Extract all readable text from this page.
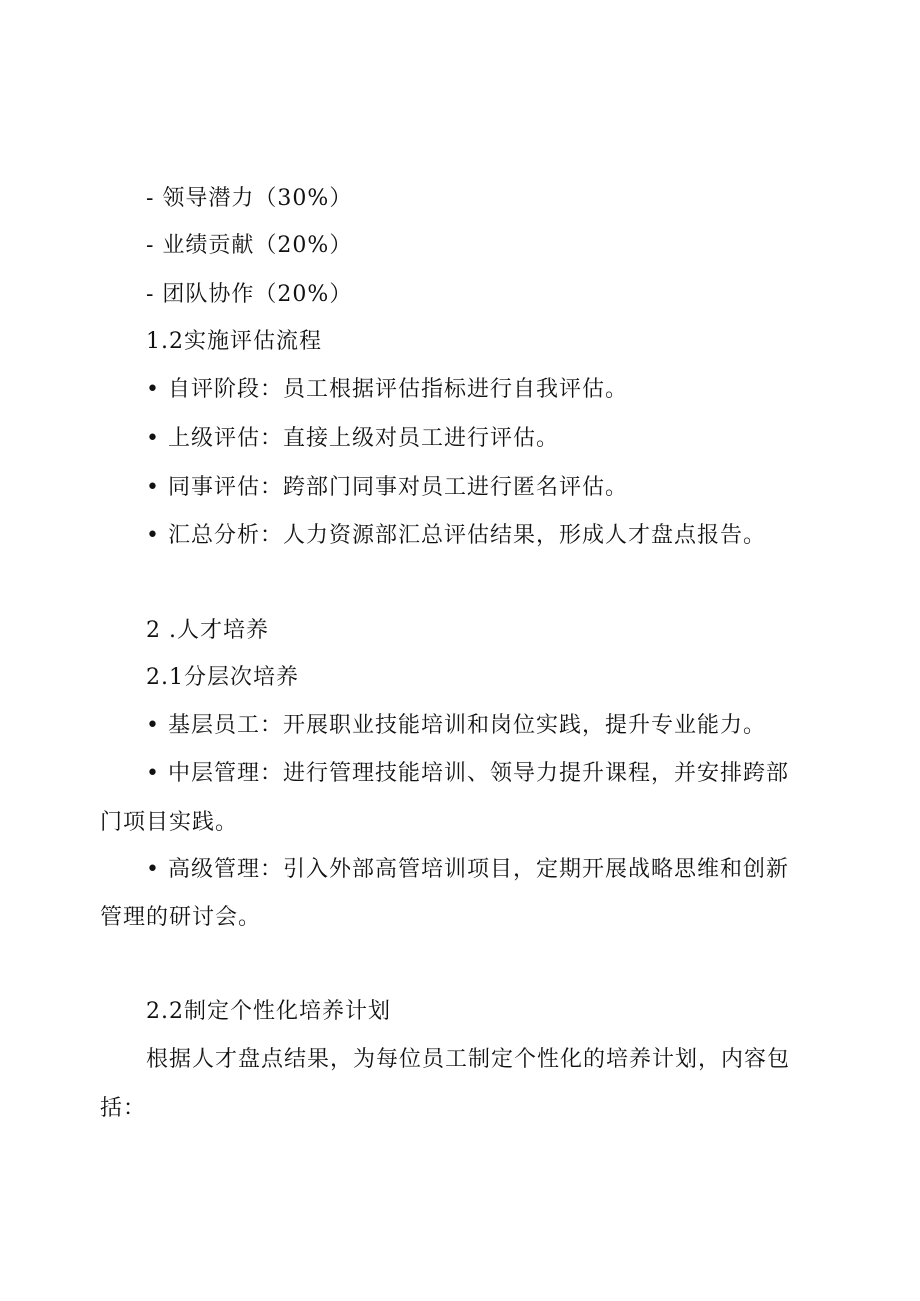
- 领导潜力（30%）
- 业绩贡献（20%）
- 团队协作（20%）
1.2实施评估流程
• 自评阶段：员工根据评估指标进行自我评估。
• 上级评估：直接上级对员工进行评估。
• 同事评估：跨部门同事对员工进行匿名评估。
• 汇总分析：人力资源部汇总评估结果，形成人才盘点报告。
2 .人才培养
2.1分层次培养
• 基层员工：开展职业技能培训和岗位实践，提升专业能力。
• 中层管理：进行管理技能培训、领导力提升课程，并安排跨部
门项目实践。
• 高级管理：引入外部高管培训项目，定期开展战略思维和创新
管理的研讨会。
2.2制定个性化培养计划
根据人才盘点结果，为每位员工制定个性化的培养计划，内容包
括：
